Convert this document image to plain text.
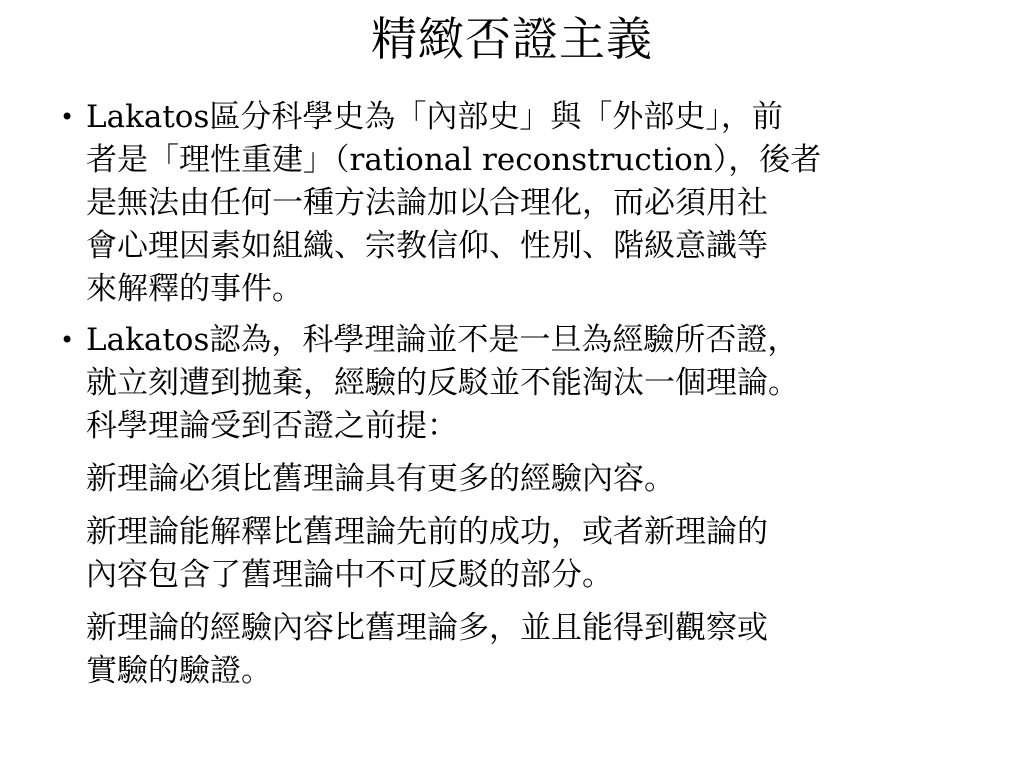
精緻否證主義
• Lakatos區分科學史為「內部史」與「外部史」，前
者是「理性重建」（rational reconstruction），後者
是無法由任何一種方法論加以合理化，而必須用社
會心理因素如組織、宗教信仰、性別、階級意識等
來解釋的事件。
• Lakatos認為，科學理論並不是一旦為經驗所否證，
就立刻遭到拋棄，經驗的反駁並不能淘汰一個理論。
科學理論受到否證之前提：
新理論必須比舊理論具有更多的經驗內容。
新理論能解釋比舊理論先前的成功，或者新理論的
內容包含了舊理論中不可反駁的部分。
新理論的經驗內容比舊理論多，並且能得到觀察或
實驗的驗證。
